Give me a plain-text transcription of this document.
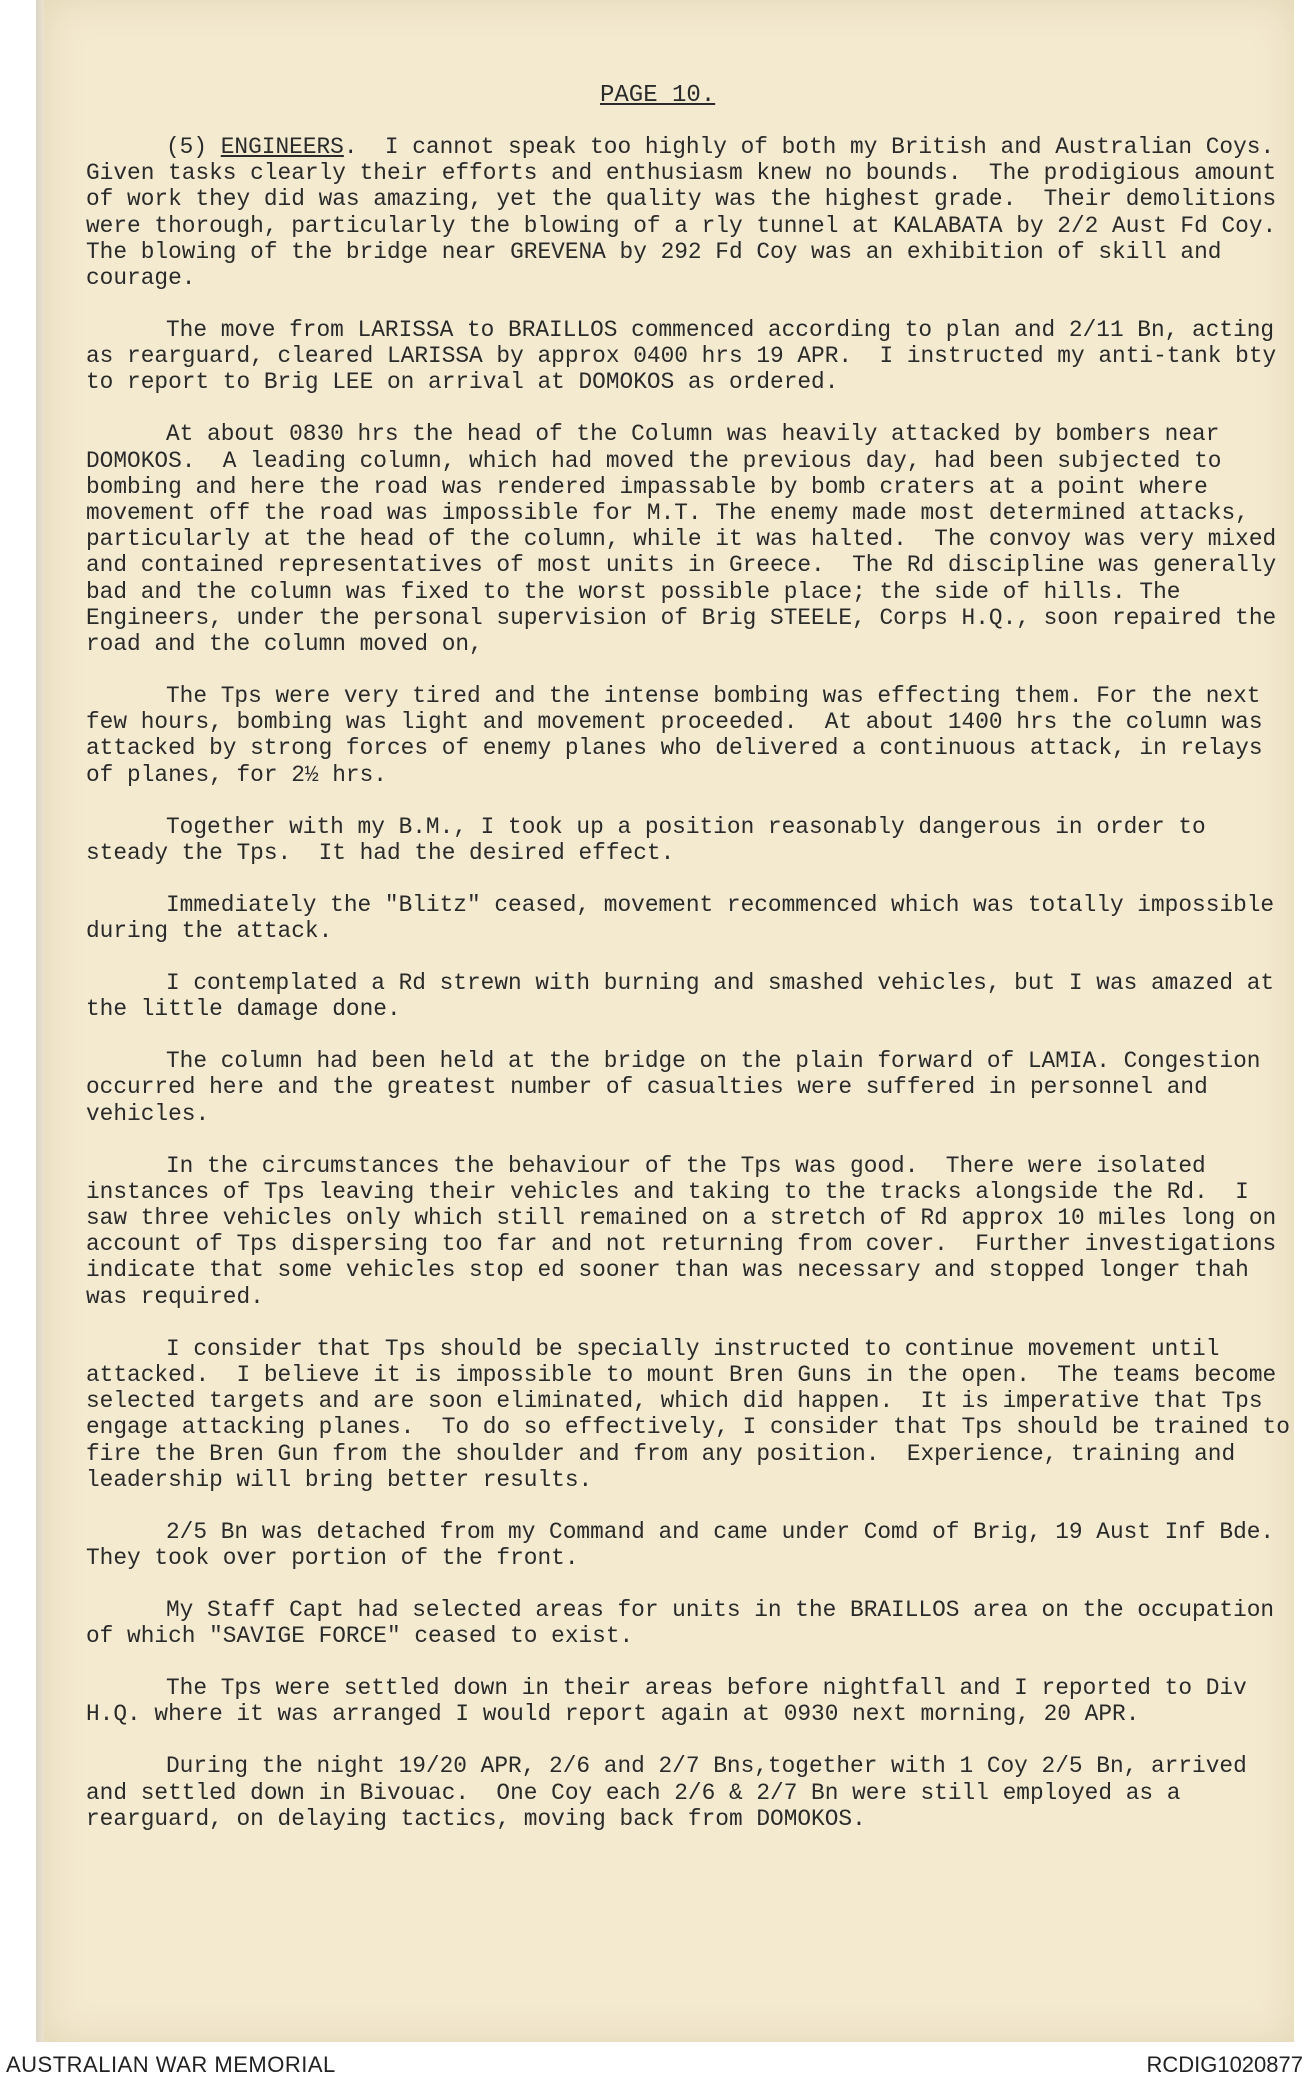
PAGE 10.

(5) ENGINEERS.  I cannot speak too highly of both my British and Australian Coys.  Given tasks clearly their efforts and enthusiasm knew no bounds.  The prodigious amount of work they did was amazing, yet the quality was the highest grade.  Their demolitions were thorough, particularly the blowing of a rly tunnel at KALABATA by 2/2 Aust Fd Coy.  The blowing of the bridge near GREVENA by 292 Fd Coy was an exhibition of skill and courage.

The move from LARISSA to BRAILLOS commenced according to plan and 2/11 Bn, acting as rearguard, cleared LARISSA by approx 0400 hrs 19 APR.  I instructed my anti-tank bty to report to Brig LEE on arrival at DOMOKOS as ordered.

At about 0830 hrs the head of the Column was heavily attacked by bombers near DOMOKOS.  A leading column, which had moved the previous day, had been subjected to bombing and here the road was rendered impassable by bomb craters at a point where movement off the road was impossible for M.T. The enemy made most determined attacks, particularly at the head of the column, while it was halted.  The convoy was very mixed and contained representatives of most units in Greece.  The Rd discipline was generally bad and the column was fixed to the worst possible place; the side of hills. The Engineers, under the personal supervision of Brig STEELE, Corps H.Q., soon repaired the road and the column moved on,

The Tps were very tired and the intense bombing was effecting them. For the next few hours, bombing was light and movement proceeded.  At about 1400 hrs the column was attacked by strong forces of enemy planes who delivered a continuous attack, in relays of planes, for 2½ hrs.

Together with my B.M., I took up a position reasonably dangerous in order to steady the Tps.  It had the desired effect.

Immediately the "Blitz" ceased, movement recommenced which was totally impossible during the attack.

I contemplated a Rd strewn with burning and smashed vehicles, but I was amazed at the little damage done.

The column had been held at the bridge on the plain forward of LAMIA. Congestion occurred here and the greatest number of casualties were suffered in personnel and vehicles.

In the circumstances the behaviour of the Tps was good.  There were isolated instances of Tps leaving their vehicles and taking to the tracks alongside the Rd.  I saw three vehicles only which still remained on a stretch of Rd approx 10 miles long on account of Tps dispersing too far and not returning from cover.  Further investigations indicate that some vehicles stop ed sooner than was necessary and stopped longer thah was required.

I consider that Tps should be specially instructed to continue movement until attacked.  I believe it is impossible to mount Bren Guns in the open.  The teams become selected targets and are soon eliminated, which did happen.  It is imperative that Tps engage attacking planes.  To do so effectively, I consider that Tps should be trained to fire the Bren Gun from the shoulder and from any position.  Experience, training and leadership will bring better results.

2/5 Bn was detached from my Command and came under Comd of Brig, 19 Aust Inf Bde.  They took over portion of the front.

My Staff Capt had selected areas for units in the BRAILLOS area on the occupation of which "SAVIGE FORCE" ceased to exist.

The Tps were settled down in their areas before nightfall and I reported to Div H.Q. where it was arranged I would report again at 0930 next morning, 20 APR.

During the night 19/20 APR, 2/6 and 2/7 Bns,together with 1 Coy 2/5 Bn, arrived and settled down in Bivouac.  One Coy each 2/6 & 2/7 Bn were still employed as a rearguard, on delaying tactics, moving back from DOMOKOS.

AUSTRALIAN WAR MEMORIAL	RCDIG1020877
